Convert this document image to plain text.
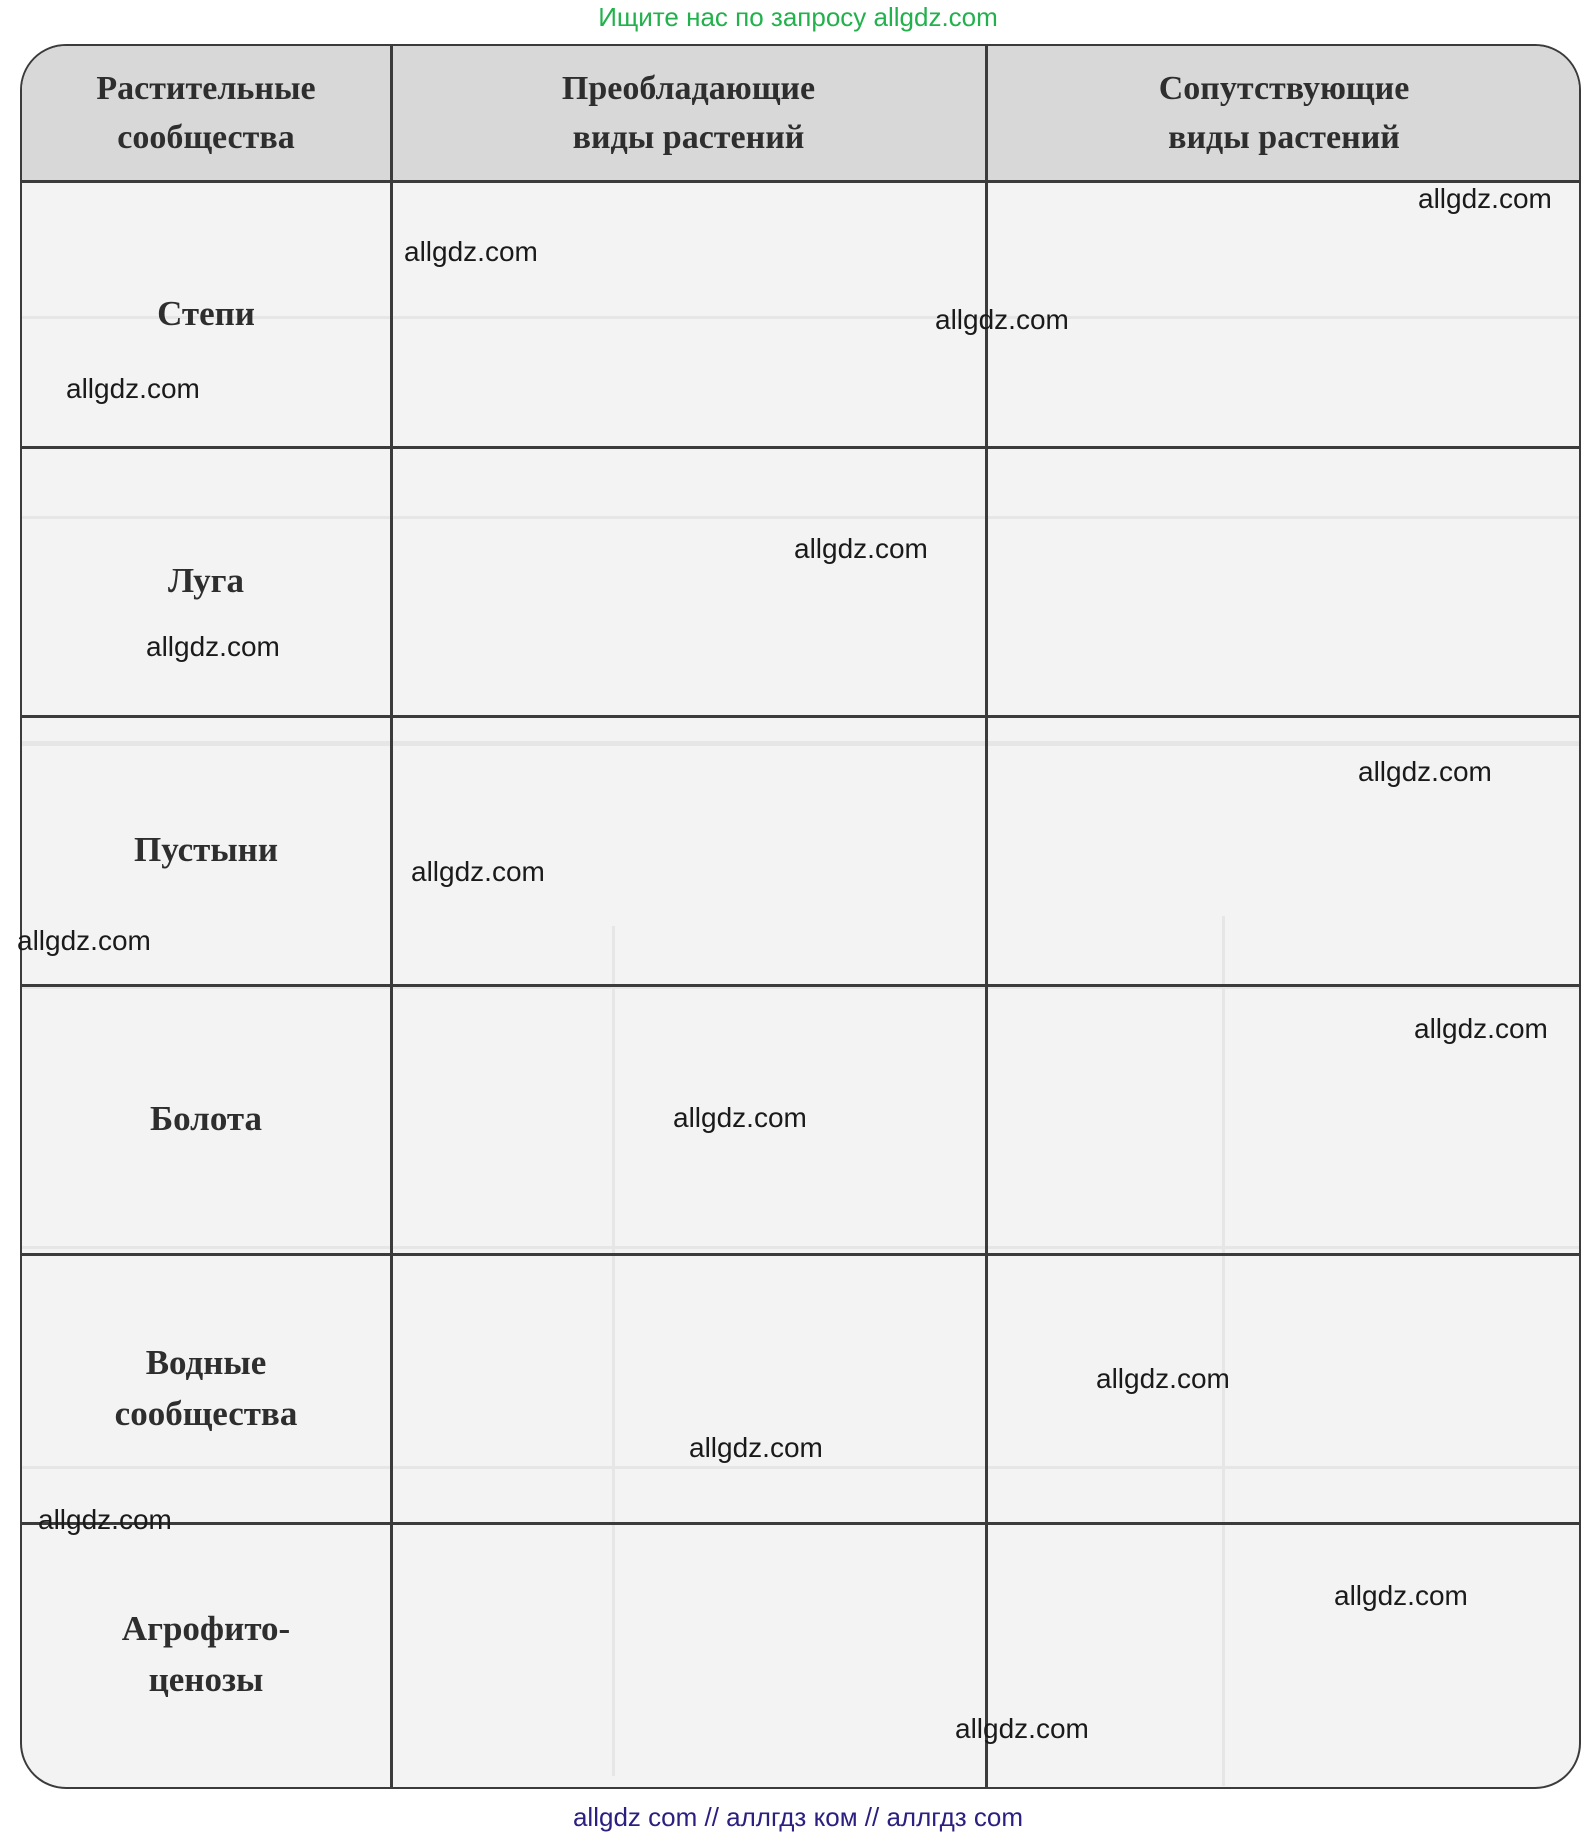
Ищите нас по запросу allgdz.com
Растительные
сообщества
Преобладающие
виды растений
Сопутствующие
виды растений
Степи
Луга
Пустыни
Болота
Водные
сообщества
Агрофито-
ценозы
allgdz.com
allgdz.com
allgdz.com
allgdz.com
allgdz.com
allgdz.com
allgdz.com
allgdz.com
allgdz.com
allgdz.com
allgdz.com
allgdz.com
allgdz.com
allgdz.com
allgdz.com
allgdz.com
allgdz com // аллгдз ком // аллгдз com
